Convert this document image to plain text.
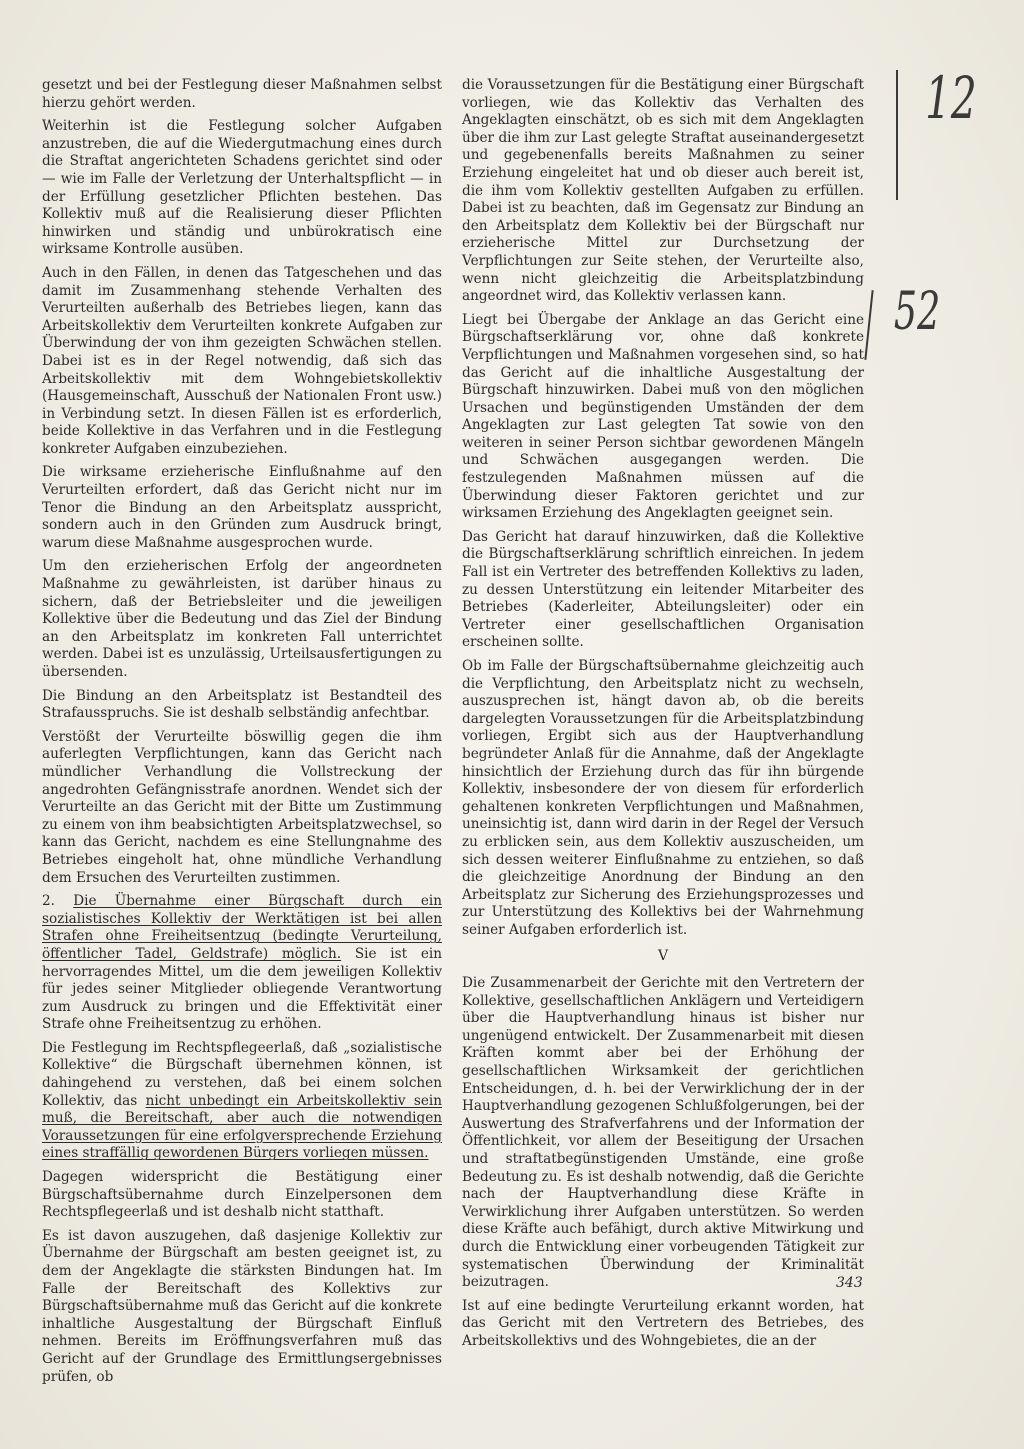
gesetzt und bei der Festlegung dieser Maßnahmen selbst hierzu gehört werden.

Weiterhin ist die Festlegung solcher Aufgaben anzustreben, die auf die Wiedergutmachung eines durch die Straftat angerichteten Schadens gerichtet sind oder — wie im Falle der Verletzung der Unterhaltspflicht — in der Erfüllung gesetzlicher Pflichten bestehen. Das Kollektiv muß auf die Realisierung dieser Pflichten hinwirken und ständig und unbürokratisch eine wirksame Kontrolle ausüben.

Auch in den Fällen, in denen das Tatgeschehen und das damit im Zusammenhang stehende Verhalten des Verurteilten außerhalb des Betriebes liegen, kann das Arbeitskollektiv dem Verurteilten konkrete Aufgaben zur Überwindung der von ihm gezeigten Schwächen stellen. Dabei ist es in der Regel notwendig, daß sich das Arbeitskollektiv mit dem Wohngebietskollektiv (Hausgemeinschaft, Ausschuß der Nationalen Front usw.) in Verbindung setzt. In diesen Fällen ist es erforderlich, beide Kollektive in das Verfahren und in die Festlegung konkreter Aufgaben einzubeziehen.

Die wirksame erzieherische Einflußnahme auf den Verurteilten erfordert, daß das Gericht nicht nur im Tenor die Bindung an den Arbeitsplatz ausspricht, sondern auch in den Gründen zum Ausdruck bringt, warum diese Maßnahme ausgesprochen wurde.

Um den erzieherischen Erfolg der angeordneten Maßnahme zu gewährleisten, ist darüber hinaus zu sichern, daß der Betriebsleiter und die jeweiligen Kollektive über die Bedeutung und das Ziel der Bindung an den Arbeitsplatz im konkreten Fall unterrichtet werden. Dabei ist es unzulässig, Urteilsausfertigungen zu übersenden.

Die Bindung an den Arbeitsplatz ist Bestandteil des Strafausspruchs. Sie ist deshalb selbständig anfechtbar.

Verstößt der Verurteilte böswillig gegen die ihm auferlegten Verpflichtungen, kann das Gericht nach mündlicher Verhandlung die Vollstreckung der angedrohten Gefängnisstrafe anordnen. Wendet sich der Verurteilte an das Gericht mit der Bitte um Zustimmung zu einem von ihm beabsichtigten Arbeitsplatzwechsel, so kann das Gericht, nachdem es eine Stellungnahme des Betriebes eingeholt hat, ohne mündliche Verhandlung dem Ersuchen des Verurteilten zustimmen.

2. Die Übernahme einer Bürgschaft durch ein sozialistisches Kollektiv der Werktätigen ist bei allen Strafen ohne Freiheitsentzug (bedingte Verurteilung, öffentlicher Tadel, Geldstrafe) möglich. Sie ist ein hervorragendes Mittel, um die dem jeweiligen Kollektiv für jedes seiner Mitglieder obliegende Verantwortung zum Ausdruck zu bringen und die Effektivität einer Strafe ohne Freiheitsentzug zu erhöhen.

Die Festlegung im Rechtspflegeerlaß, daß „sozialistische Kollektive“ die Bürgschaft übernehmen können, ist dahingehend zu verstehen, daß bei einem solchen Kollektiv, das nicht unbedingt ein Arbeitskollektiv sein muß, die Bereitschaft, aber auch die notwendigen Voraussetzungen für eine erfolgversprechende Erziehung eines straffällig gewordenen Bürgers vorliegen müssen.

Dagegen widerspricht die Bestätigung einer Bürgschaftsübernahme durch Einzelpersonen dem Rechtspflegeerlaß und ist deshalb nicht statthaft.

Es ist davon auszugehen, daß dasjenige Kollektiv zur Übernahme der Bürgschaft am besten geeignet ist, zu dem der Angeklagte die stärksten Bindungen hat. Im Falle der Bereitschaft des Kollektivs zur Bürgschaftsübernahme muß das Gericht auf die konkrete inhaltliche Ausgestaltung der Bürgschaft Einfluß nehmen. Bereits im Eröffnungsverfahren muß das Gericht auf der Grundlage des Ermittlungsergebnisses prüfen, ob

die Voraussetzungen für die Bestätigung einer Bürgschaft vorliegen, wie das Kollektiv das Verhalten des Angeklagten einschätzt, ob es sich mit dem Angeklagten über die ihm zur Last gelegte Straftat auseinandergesetzt und gegebenenfalls bereits Maßnahmen zu seiner Erziehung eingeleitet hat und ob dieser auch bereit ist, die ihm vom Kollektiv gestellten Aufgaben zu erfüllen. Dabei ist zu beachten, daß im Gegensatz zur Bindung an den Arbeitsplatz dem Kollektiv bei der Bürgschaft nur erzieherische Mittel zur Durchsetzung der Verpflichtungen zur Seite stehen, der Verurteilte also, wenn nicht gleichzeitig die Arbeitsplatzbindung angeordnet wird, das Kollektiv verlassen kann.

Liegt bei Übergabe der Anklage an das Gericht eine Bürgschaftserklärung vor, ohne daß konkrete Verpflichtungen und Maßnahmen vorgesehen sind, so hat das Gericht auf die inhaltliche Ausgestaltung der Bürgschaft hinzuwirken. Dabei muß von den möglichen Ursachen und begünstigenden Umständen der dem Angeklagten zur Last gelegten Tat sowie von den weiteren in seiner Person sichtbar gewordenen Mängeln und Schwächen ausgegangen werden. Die festzulegenden Maßnahmen müssen auf die Überwindung dieser Faktoren gerichtet und zur wirksamen Erziehung des Angeklagten geeignet sein.

Das Gericht hat darauf hinzuwirken, daß die Kollektive die Bürgschaftserklärung schriftlich einreichen. In jedem Fall ist ein Vertreter des betreffenden Kollektivs zu laden, zu dessen Unterstützung ein leitender Mitarbeiter des Betriebes (Kaderleiter, Abteilungsleiter) oder ein Vertreter einer gesellschaftlichen Organisation erscheinen sollte.

Ob im Falle der Bürgschaftsübernahme gleichzeitig auch die Verpflichtung, den Arbeitsplatz nicht zu wechseln, auszusprechen ist, hängt davon ab, ob die bereits dargelegten Voraussetzungen für die Arbeitsplatzbindung vorliegen, Ergibt sich aus der Hauptverhandlung begründeter Anlaß für die Annahme, daß der Angeklagte hinsichtlich der Erziehung durch das für ihn bürgende Kollektiv, insbesondere der von diesem für erforderlich gehaltenen konkreten Verpflichtungen und Maßnahmen, uneinsichtig ist, dann wird darin in der Regel der Versuch zu erblicken sein, aus dem Kollektiv auszuscheiden, um sich dessen weiterer Einflußnahme zu entziehen, so daß die gleichzeitige Anordnung der Bindung an den Arbeitsplatz zur Sicherung des Erziehungsprozesses und zur Unterstützung des Kollektivs bei der Wahrnehmung seiner Aufgaben erforderlich ist.

V

Die Zusammenarbeit der Gerichte mit den Vertretern der Kollektive, gesellschaftlichen Anklägern und Verteidigern über die Hauptverhandlung hinaus ist bisher nur ungenügend entwickelt. Der Zusammenarbeit mit diesen Kräften kommt aber bei der Erhöhung der gesellschaftlichen Wirksamkeit der gerichtlichen Entscheidungen, d. h. bei der Verwirklichung der in der Hauptverhandlung gezogenen Schlußfolgerungen, bei der Auswertung des Strafverfahrens und der Information der Öffentlichkeit, vor allem der Beseitigung der Ursachen und straftatbegünstigenden Umstände, eine große Bedeutung zu. Es ist deshalb notwendig, daß die Gerichte nach der Hauptverhandlung diese Kräfte in Verwirklichung ihrer Aufgaben unterstützen. So werden diese Kräfte auch befähigt, durch aktive Mitwirkung und durch die Entwicklung einer vorbeugenden Tätigkeit zur systematischen Überwindung der Kriminalität beizutragen.

Ist auf eine bedingte Verurteilung erkannt worden, hat das Gericht mit den Vertretern des Betriebes, des Arbeitskollektivs und des Wohngebietes, die an der

12
52
343
